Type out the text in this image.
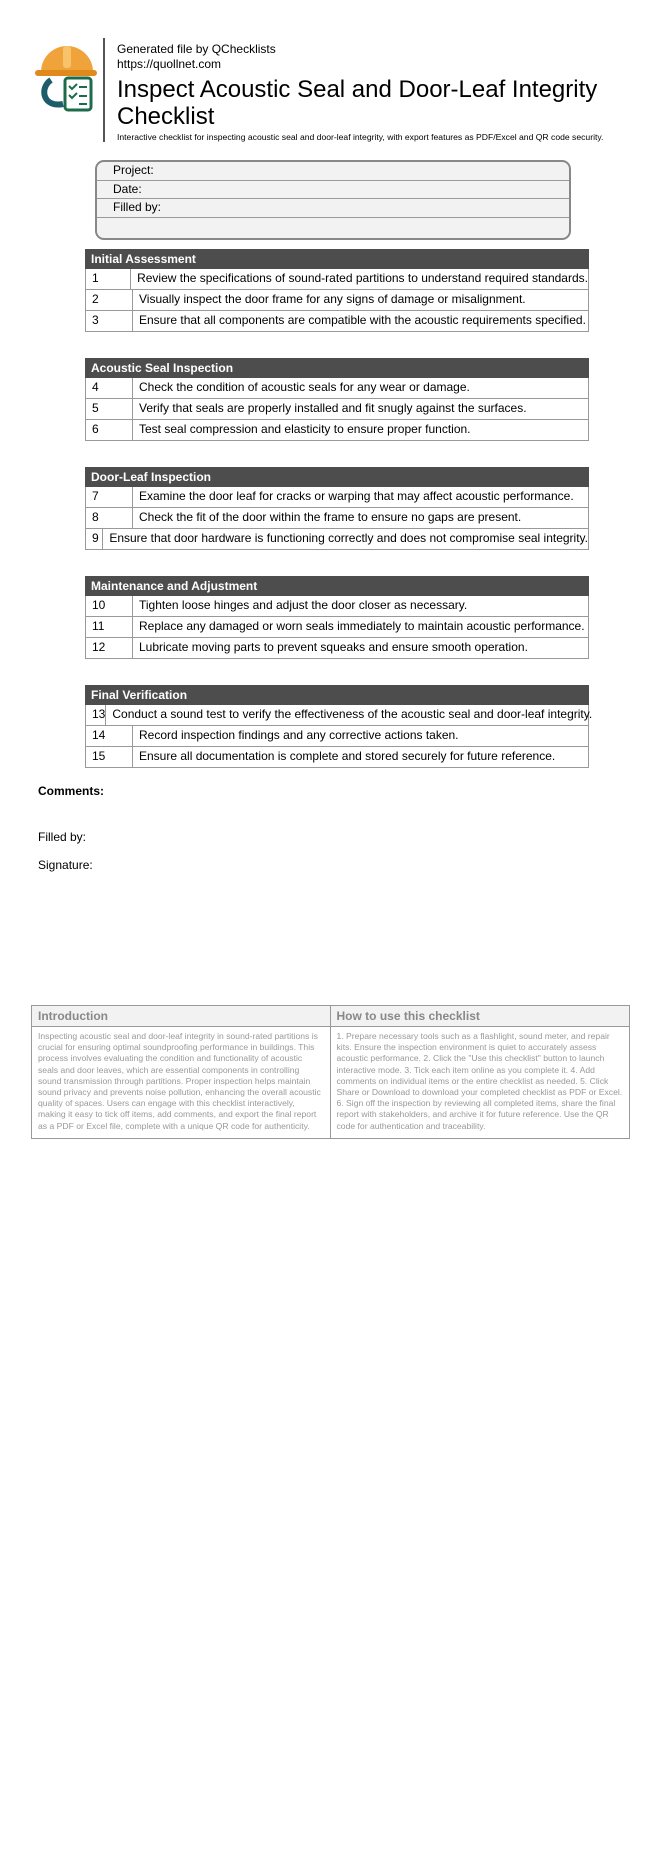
Generated file by QChecklists
https://quollnet.com
Inspect Acoustic Seal and Door-Leaf Integrity Checklist
Interactive checklist for inspecting acoustic seal and door-leaf integrity, with export features as PDF/Excel and QR code security.
Project:
Date:
Filled by:
Initial Assessment
1	Review the specifications of sound-rated partitions to understand required standards.
2	Visually inspect the door frame for any signs of damage or misalignment.
3	Ensure that all components are compatible with the acoustic requirements specified.
Acoustic Seal Inspection
4	Check the condition of acoustic seals for any wear or damage.
5	Verify that seals are properly installed and fit snugly against the surfaces.
6	Test seal compression and elasticity to ensure proper function.
Door-Leaf Inspection
7	Examine the door leaf for cracks or warping that may affect acoustic performance.
8	Check the fit of the door within the frame to ensure no gaps are present.
9 Ensure that door hardware is functioning correctly and does not compromise seal integrity.
Maintenance and Adjustment
10	Tighten loose hinges and adjust the door closer as necessary.
11	Replace any damaged or worn seals immediately to maintain acoustic performance.
12	Lubricate moving parts to prevent squeaks and ensure smooth operation.
Final Verification
13 Conduct a sound test to verify the effectiveness of the acoustic seal and door-leaf integrity.
14	Record inspection findings and any corrective actions taken.
15	Ensure all documentation is complete and stored securely for future reference.
Comments:
Filled by:
Signature:
Introduction
Inspecting acoustic seal and door-leaf integrity in sound-rated partitions is crucial for ensuring optimal soundproofing performance in buildings. This process involves evaluating the condition and functionality of acoustic seals and door leaves, which are essential components in controlling sound transmission through partitions. Proper inspection helps maintain sound privacy and prevents noise pollution, enhancing the overall acoustic quality of spaces. Users can engage with this checklist interactively, making it easy to tick off items, add comments, and export the final report as a PDF or Excel file, complete with a unique QR code for authenticity.
How to use this checklist
1. Prepare necessary tools such as a flashlight, sound meter, and repair kits. Ensure the inspection environment is quiet to accurately assess acoustic performance. 2. Click the "Use this checklist" button to launch interactive mode. 3. Tick each item online as you complete it. 4. Add comments on individual items or the entire checklist as needed. 5. Click Share or Download to download your completed checklist as PDF or Excel. 6. Sign off the inspection by reviewing all completed items, share the final report with stakeholders, and archive it for future reference. Use the QR code for authentication and traceability.
